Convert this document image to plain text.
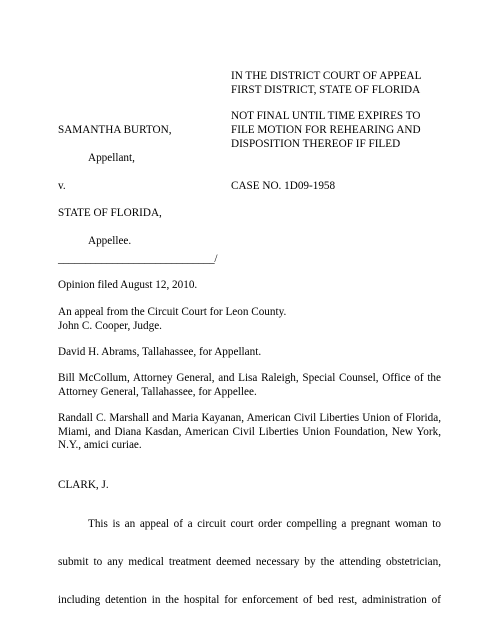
IN THE DISTRICT COURT OF APPEAL
FIRST DISTRICT, STATE OF FLORIDA
NOT FINAL UNTIL TIME EXPIRES TO
FILE MOTION FOR REHEARING AND
DISPOSITION THEREOF IF FILED
SAMANTHA BURTON,
Appellant,
v.	CASE NO. 1D09-1958
STATE OF FLORIDA,
Appellee.
_____________________________/
Opinion filed August 12, 2010.
An appeal from the Circuit Court for Leon County.
John C. Cooper, Judge.
David H. Abrams, Tallahassee, for Appellant.
Bill McCollum, Attorney General, and Lisa Raleigh, Special Counsel, Office of the Attorney General, Tallahassee, for Appellee.
Randall C. Marshall and Maria Kayanan, American Civil Liberties Union of Florida, Miami, and Diana Kasdan, American Civil Liberties Union Foundation, New York, N.Y., amici curiae.
CLARK, J.
This is an appeal of a circuit court order compelling a pregnant woman to
submit to any medical treatment deemed necessary by the attending obstetrician,
including detention in the hospital for enforcement of bed rest, administration of
